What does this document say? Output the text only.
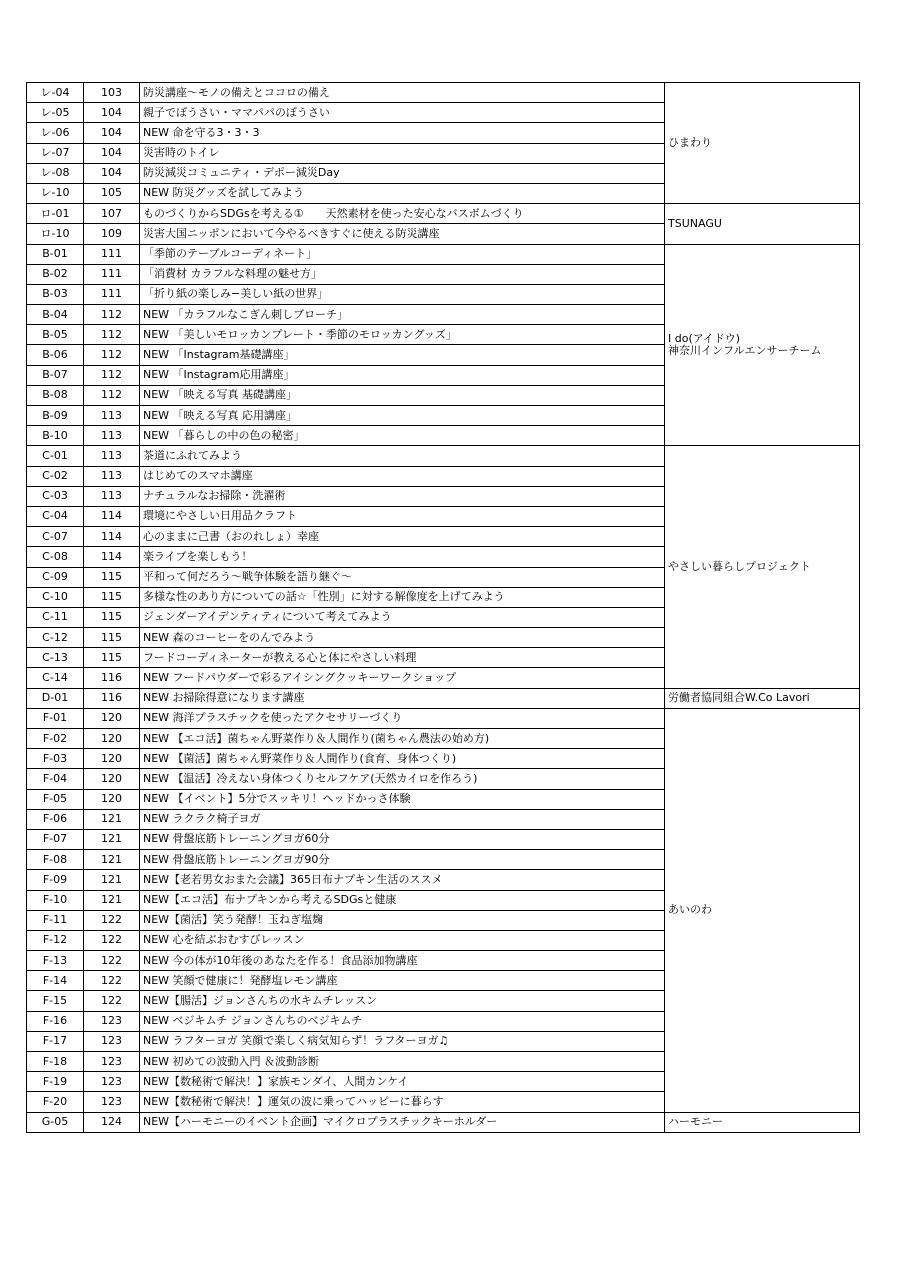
レ-04	103	防災講座〜モノの備えとココロの備え	ひまわり
レ-05	104	親子でぼうさい・ママパパのぼうさい	
レ-06	104	NEW 命を守る3・3・3	
レ-07	104	災害時のトイレ	
レ-08	104	防災減災コミュニティ・デポー減災Day	
レ-10	105	NEW 防災グッズを試してみよう	
ロ-01	107	ものづくりからSDGsを考える①　　天然素材を使った安心なバスボムづくり	TSUNAGU
ロ-10	109	災害大国ニッポンにおいて今やるべきすぐに使える防災講座	
B-01	111	「季節のテーブルコーディネート」	I do(アイドウ)
神奈川インフルエンサーチーム
B-02	111	「消費材 カラフルな料理の魅せ方」	
B-03	111	「折り紙の楽しみ−美しい紙の世界」	
B-04	112	NEW 「カラフルなこぎん刺しブローチ」	
B-05	112	NEW 「美しいモロッカンプレート・季節のモロッカングッズ」	
B-06	112	NEW 「Instagram基礎講座」	
B-07	112	NEW 「Instagram応用講座」	
B-08	112	NEW 「映える写真 基礎講座」	
B-09	113	NEW 「映える写真 応用講座」	
B-10	113	NEW 「暮らしの中の色の秘密」	
C-01	113	茶道にふれてみよう	やさしい暮らしプロジェクト
C-02	113	はじめてのスマホ講座	
C-03	113	ナチュラルなお掃除・洗濯術	
C-04	114	環境にやさしい日用品クラフト	
C-07	114	心のままに己書（おのれしょ）幸座	
C-08	114	楽ライブを楽しもう！	
C-09	115	平和って何だろう〜戦争体験を語り継ぐ〜	
C-10	115	多様な性のあり方についての話☆「性別」に対する解像度を上げてみよう	
C-11	115	ジェンダーアイデンティティについて考えてみよう	
C-12	115	NEW 森のコーヒーをのんでみよう	
C-13	115	フードコーディネーターが教える心と体にやさしい料理	
C-14	116	NEW フードパウダーで彩るアイシングクッキーワークショップ	
D-01	116	NEW お掃除得意になります講座	労働者協同組合W.Co Lavori
F-01	120	NEW 海洋プラスチックを使ったアクセサリーづくり	あいのわ
F-02	120	NEW 【エコ活】菌ちゃん野菜作り＆人間作り(菌ちゃん農法の始め方)	
F-03	120	NEW 【菌活】菌ちゃん野菜作り＆人間作り(食育、身体つくり)	
F-04	120	NEW 【温活】冷えない身体つくりセルフケア(天然カイロを作ろう)	
F-05	120	NEW 【イベント】5分でスッキリ！ヘッドかっさ体験	
F-06	121	NEW ラクラク椅子ヨガ	
F-07	121	NEW 骨盤底筋トレーニングヨガ60分	
F-08	121	NEW 骨盤底筋トレーニングヨガ90分	
F-09	121	NEW【老若男女おまた会議】365日布ナプキン生活のススメ	
F-10	121	NEW【エコ活】布ナプキンから考えるSDGsと健康	
F-11	122	NEW【菌活】笑う発酵！玉ねぎ塩麹	
F-12	122	NEW 心を結ぶおむすびレッスン	
F-13	122	NEW 今の体が10年後のあなたを作る！食品添加物講座	
F-14	122	NEW 笑顔で健康に！発酵塩レモン講座	
F-15	122	NEW【腸活】ジョンさんちの水キムチレッスン	
F-16	123	NEW ベジキムチ ジョンさんちのベジキムチ	
F-17	123	NEW ラフターヨガ 笑顔で楽しく病気知らず！ラフターヨガ♫	
F-18	123	NEW 初めての波動入門 ＆波動診断	
F-19	123	NEW【数秘術で解決！】家族モンダイ、人間カンケイ	
F-20	123	NEW【数秘術で解決！】運気の波に乗ってハッピーに暮らす	
G-05	124	NEW【ハーモニーのイベント企画】マイクロプラスチックキーホルダー	ハーモニー
